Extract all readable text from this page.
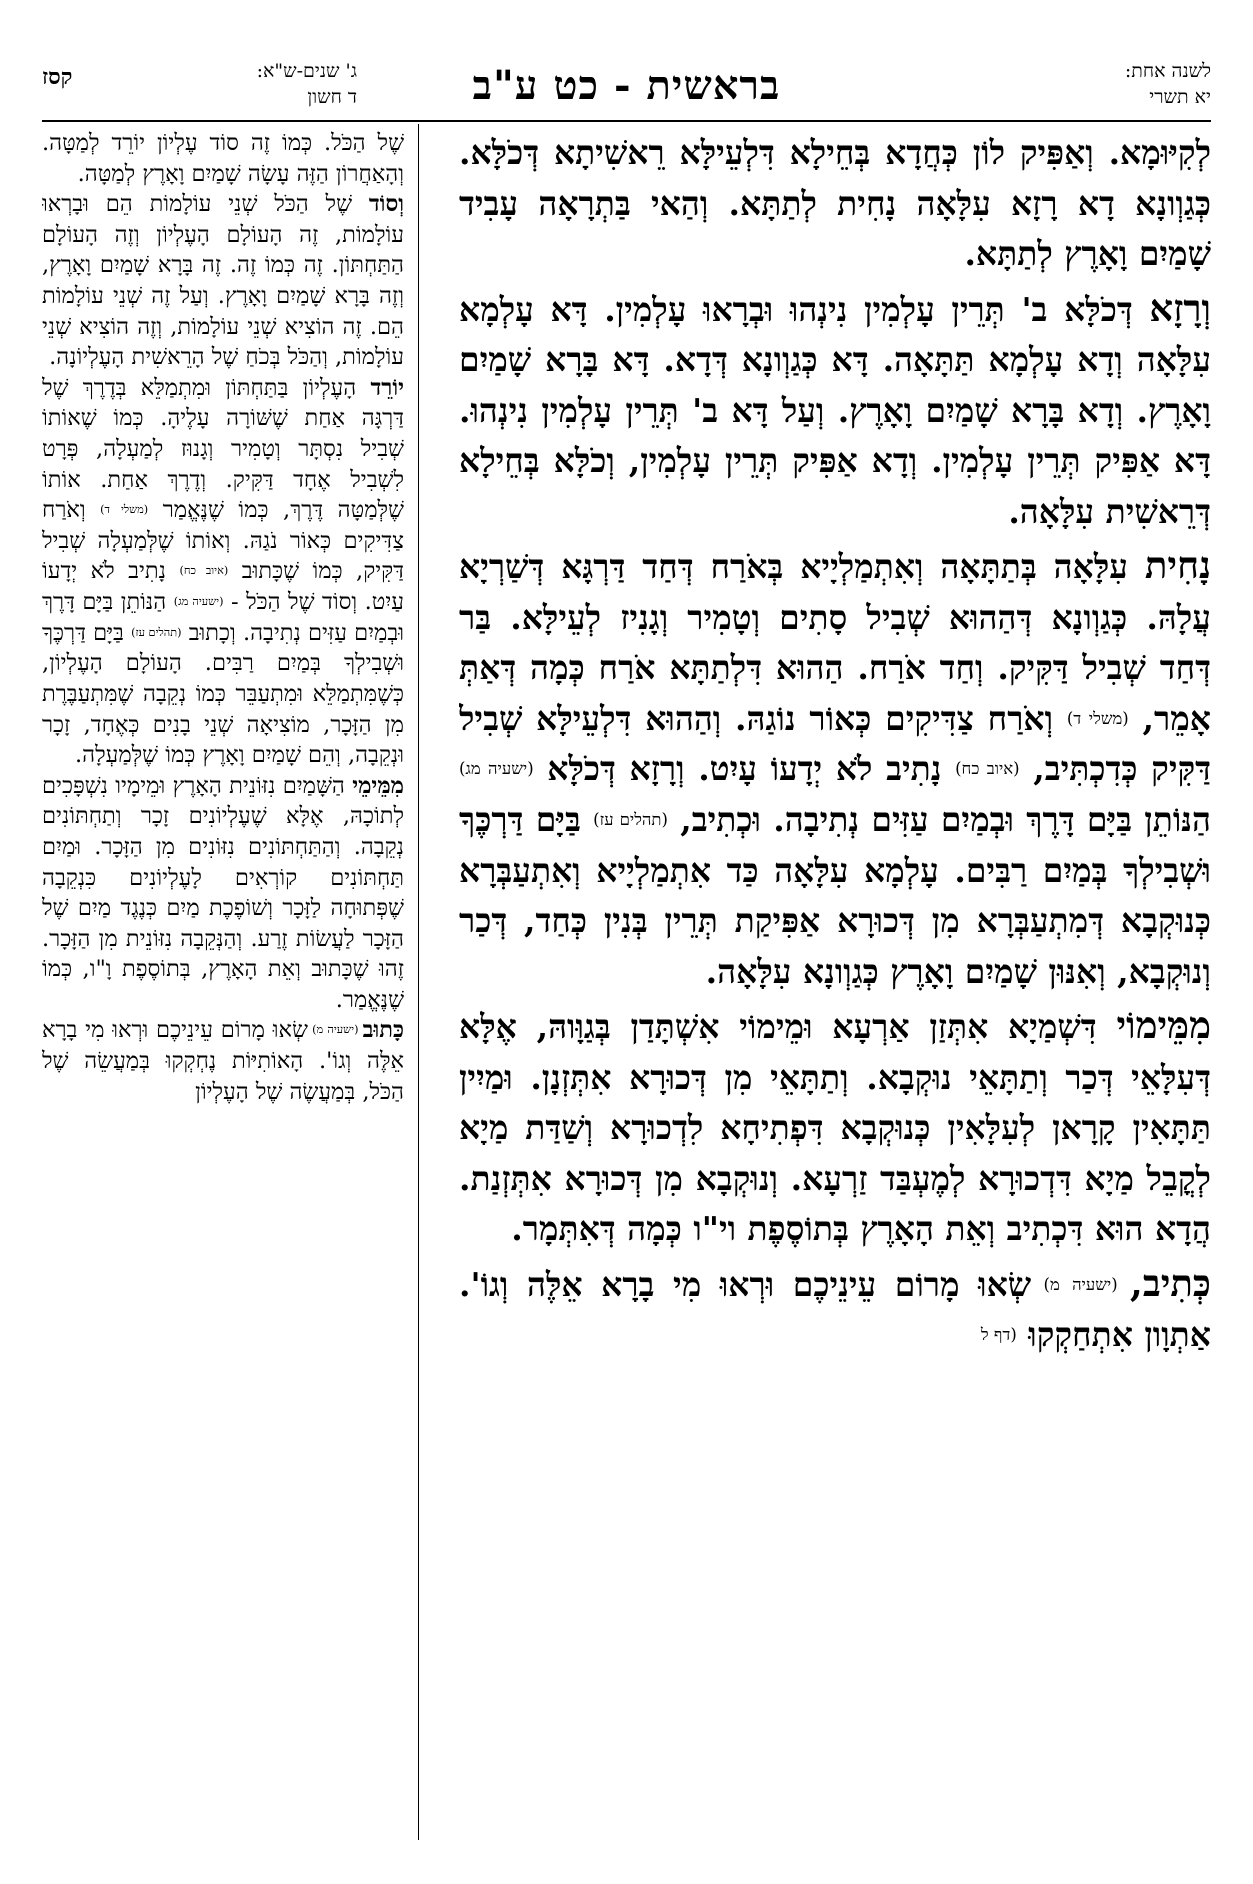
לשנה אחת:
יא תשרי
בראשית - כט ע"ב
ג' שנים-ש"א:
ד חשון
קסז

לְקִיּוּמָא. וְאַפִּיק לוֹן כְּחֲדָא בְּחֵילָא דִּלְעֵילָּא רֵאשִׁיתָא דְּכֹלָּא. כְּגַוְונָא דָא רָזָא עִלָּאָה נָחִית לְתַתָּא. וְהַאי בַּתְרָאָה עָבִיד שָׁמַיִם וָאָרֶץ לְתַתָּא.

וְרָזָא דְּכֹלָּא ב' תְּרֵין עָלְמִין נִינְהוּ וּבְרָאוּ עָלְמִין. דָּא עָלְמָא עִלָּאָה וְדָא עָלְמָא תַּתָּאָה. דָּא כְּגַוְונָא דְּדָא. דָּא בָּרָא שָׁמַיִם וָאָרֶץ. וְדָא בָּרָא שָׁמַיִם וָאָרֶץ. וְעַל דָּא ב' תְּרֵין עָלְמִין נִינְהוּ. דָּא אַפִּיק תְּרֵין עָלְמִין. וְדָא אַפִּיק תְּרֵין עָלְמִין, וְכֹלָּא בְּחֵילָא דְּרֵאשִׁית עִלָּאָה.

נָחִית עִלָּאָה בְּתַתָּאָה וְאִתְמַלְיָיא בְּאֹרַח דְּחַד דַּרְגָּא דְּשַׁרְיָא עֲלָהּ. כְּגַוְונָא דְּהַהוּא שְׁבִיל סָתִים וְטָמִיר וְגָנִיז לְעֵילָּא. בַּר דְּחַד שְׁבִיל דַּקִּיק. וְחַד אֹרַח. הַהוּא דִּלְתַתָּא אֹרַח כְּמָה דְּאַתְּ אָמֵר, (משלי ד) וְאֹרַח צַדִּיקִים כְּאוֹר נוֹגַהּ. וְהַהוּא דִּלְעֵילָּא שְׁבִיל דַּקִּיק כְּדִכְתִּיב, (איוב כח) נָתִיב לֹא יְדָעוֹ עָיִט. וְרָזָא דְּכֹלָּא (ישעיה מג) הַנּוֹתֵן בַּיָּם דָּרֶךְ וּבְמַיִם עַזִּים נְתִיבָה. וּכְתִיב, (תהלים עז) בַּיָּם דַּרְכֶּךָ וּשְׁבִילְךָ בְּמַיִם רַבִּים. עָלְמָא עִלָּאָה כַּד אִתְמַלְיָיא וְאִתְעַבְּרָא כְּנוּקְבָא דְּמִתְעַבְּרָא מִן דְּכוּרָא אַפִּיקַת תְּרֵין בְּנִין כְּחַד, דְּכַר וְנוּקְבָא, וְאִנּוּן שָׁמַיִם וָאָרֶץ כְּגַוְונָא עִלָּאָה.

מִמֵּימוֹי דִּשְׁמַיָא אִתְּזַן אַרְעָא וּמֵימוֹי אִשְׁתָּדַן בְּגַוָּוהּ, אֶלָּא דְּעִלָּאֵי דְּכַר וְתַתָּאֵי נוּקְבָא. וְתַתָּאֵי מִן דְּכוּרָא אִתְּזְנָן. וּמַיִין תַּתָּאִין קָרָאן לְעִלָּאִין כְּנוּקְבָא דִּפְתִיחָא לִדְכוּרָא וְשַׁדַּת מַיָא לְקֳבֵל מַיָא דִּדְכוּרָא לְמֶעְבַּד זַרְעָא. וְנוּקְבָא מִן דְּכוּרָא אִתְּזְנַת. הֲדָא הוּא דִּכְתִיב וְאֵת הָאָרֶץ בְּתוֹסֶפֶת וי"ו כְּמָה דְּאִתְּמָר.

כְּתִיב, (ישעיה מ) שְׂאוּ מָרוֹם עֵינֵיכֶם וּרְאוּ מִי בָרָא אֵלֶּה וְגוֹ'. אַתְוָון אִתְחַקְקוּ (דף ל

שֶׁל הַכֹּל. כְּמוֹ זֶה סוֹד עֶלְיוֹן יוֹרֵד לְמַטָּה. וְהָאַחֲרוֹן הַזֶּה עָשָׂה שָׁמַיִם וָאָרֶץ לְמַטָּה.

וְסוֹד שֶׁל הַכֹּל שְׁנֵי עוֹלָמוֹת הֵם וּבָרְאוּ עוֹלָמוֹת, זֶה הָעוֹלָם הָעֶלְיוֹן וְזֶה הָעוֹלָם הַתַּחְתּוֹן. זֶה כְּמוֹ זֶה. זֶה בָּרָא שָׁמַיִם וָאָרֶץ, וְזֶה בָּרָא שָׁמַיִם וָאָרֶץ. וְעַל זֶה שְׁנֵי עוֹלָמוֹת הֵם. זֶה הוֹצִיא שְׁנֵי עוֹלָמוֹת, וְזֶה הוֹצִיא שְׁנֵי עוֹלָמוֹת, וְהַכֹּל בְּכֹחַ שֶׁל הָרֵאשִׁית הָעֶלְיוֹנָה.

יוֹרֵד הָעֶלְיוֹן בַּתַּחְתּוֹן וּמִתְמַלֵּא בְּדֶרֶךְ שֶׁל דַּרְגָּה אַחַת שֶׁשּׁוֹרָה עָלֶיהָ. כְּמוֹ שֶׁאוֹתוֹ שְׁבִיל נִסְתָּר וְטָמִיר וְגָנוּז לְמַעְלָה, פְּרָט לִשְׁבִיל אֶחָד דַּקִּיק. וְדֶרֶךְ אַחַת. אוֹתוֹ שֶׁלְּמַטָּה דֶּרֶךְ, כְּמוֹ שֶׁנֶּאֱמַר (משלי ד) וְאֹרַח צַדִּיקִים כְּאוֹר נֹגַהּ. וְאוֹתוֹ שֶׁלְּמַעְלָה שְׁבִיל דַּקִּיק, כְּמוֹ שֶׁכָּתוּב (איוב כח) נָתִיב לֹא יְדָעוֹ עַיִט. וְסוֹד שֶׁל הַכֹּל - (ישעיה מג) הַנּוֹתֵן בַּיָּם דָּרֶךְ וּבְמַיִם עַזִּים נְתִיבָה. וְכָתוּב (תהלים עז) בַּיָּם דַּרְכֶּךָ וּשְׁבִילְךָ בְּמַיִם רַבִּים. הָעוֹלָם הָעֶלְיוֹן, כְּשֶׁמִּתְמַלֵּא וּמִתְעַבֵּר כְּמוֹ נְקֵבָה שֶׁמִּתְעַבֶּרֶת מִן הַזָּכָר, מוֹצִיאָה שְׁנֵי בָנִים כְּאֶחָד, זָכָר וּנְקֵבָה, וְהֵם שָׁמַיִם וָאָרֶץ כְּמוֹ שֶׁלְּמַעְלָה.

מִמֵּימֵי הַשָּׁמַיִם נִזּוֹנֵית הָאָרֶץ וּמֵימָיו נִשְׁפָּכִים לְתוֹכָהּ, אֶלָּא שֶׁעֶלְיוֹנִים זָכָר וְתַחְתּוֹנִים נְקֵבָה. וְהַתַּחְתּוֹנִים נִזּוֹנִים מִן הַזָּכָר. וּמַיִם תַּחְתּוֹנִים קוֹרְאִים לָעֶלְיוֹנִים כִּנְקֵבָה שֶׁפְּתוּחָה לַזָּכָר וְשׁוֹפֶכֶת מַיִם כְּנֶגֶד מַיִם שֶׁל הַזָּכָר לַעֲשׂוֹת זֶרַע. וְהַנְּקֵבָה נִזּוֹנֵית מִן הַזָּכָר. זֶהוּ שֶׁכָּתוּב וְאֵת הָאָרֶץ, בְּתוֹסֶפֶת וָ"ו, כְּמוֹ שֶׁנֶּאֱמַר.

כָּתוּב (ישעיה מ) שְׂאוּ מָרוֹם עֵינֵיכֶם וּרְאוּ מִי בָרָא אֵלֶּה וְגוֹ'. הָאוֹתִיּוֹת נֶחְקְקוּ בְּמַעֲשֵׂה שֶׁל הַכֹּל, בְּמַעֲשֶׂה שֶׁל הָעֶלְיוֹן
